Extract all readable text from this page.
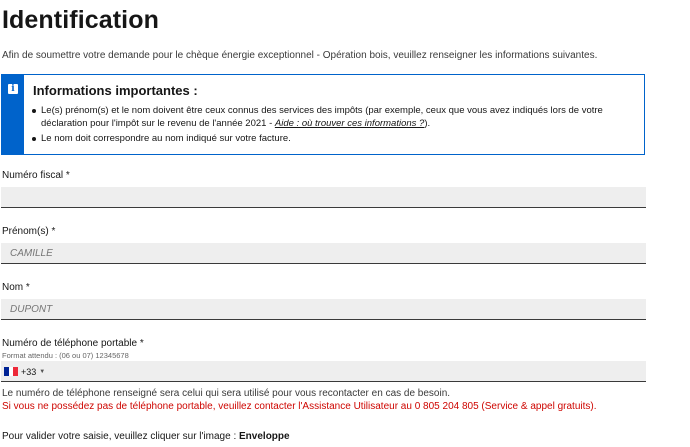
Identification

Afin de soumettre votre demande pour le chèque énergie exceptionnel - Opération bois, veuillez renseigner les informations suivantes.

i Informations importantes :

Le(s) prénom(s) et le nom doivent être ceux connus des services des impôts (par exemple, ceux que vous avez indiqués lors de votre déclaration pour l'impôt sur le revenu de l'année 2021 - Aide : où trouver ces informations ?).
Le nom doit correspondre au nom indiqué sur votre facture.

Numéro fiscal *

Prénom(s) *

CAMILLE

Nom *

DUPONT

Numéro de téléphone portable *

Format attendu : (06 ou 07) 12345678

+33 ▼

Le numéro de téléphone renseigné sera celui qui sera utilisé pour vous recontacter en cas de besoin.

Si vous ne possédez pas de téléphone portable, veuillez contacter l'Assistance Utilisateur au 0 805 204 805 (Service & appel gratuits).

Pour valider votre saisie, veuillez cliquer sur l'image : Enveloppe
